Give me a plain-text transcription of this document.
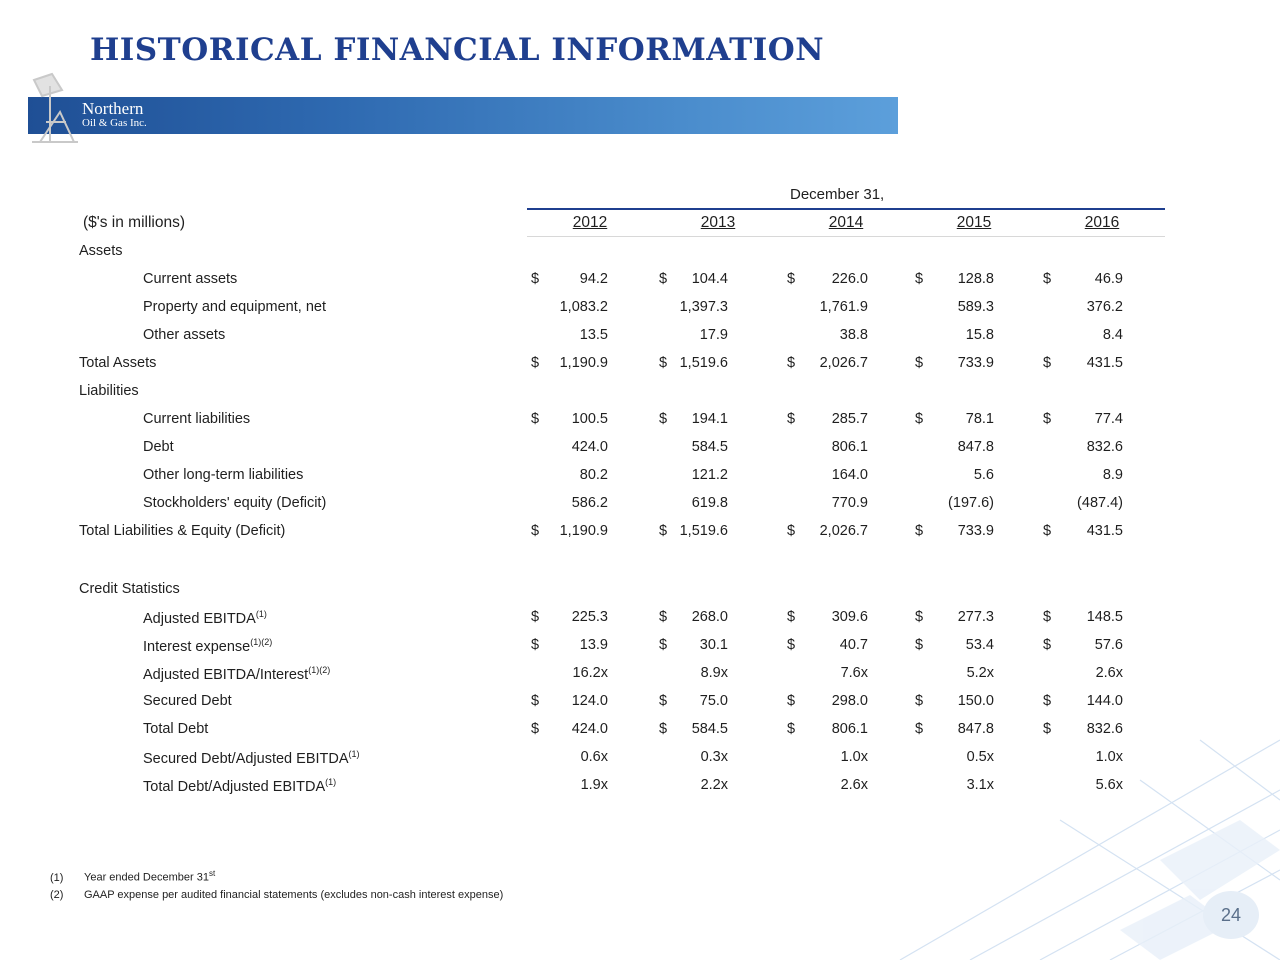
HISTORICAL FINANCIAL INFORMATION
Northern
Oil & Gas Inc.
December 31,
($'s in millions)	2012	2013	2014	2015	2016
Assets
Current assets	$	94.2	$	104.4	$	226.0	$	128.8	$	46.9
Property and equipment, net	1,083.2	1,397.3	1,761.9	589.3	376.2
Other assets	13.5	17.9	38.8	15.8	8.4
Total Assets	$	1,190.9	$ 1,519.6	$	2,026.7	$	733.9	$	431.5
Liabilities
Current liabilities	$	100.5	$	194.1	$	285.7	$	78.1	$	77.4
Debt	424.0	584.5	806.1	847.8	832.6
Other long-term liabilities	80.2	121.2	164.0	5.6	8.9
Stockholders' equity (Deficit)	586.2	619.8	770.9	(197.6)	(487.4)
Total Liabilities & Equity (Deficit)	$	1,190.9	$ 1,519.6	$	2,026.7	$	733.9	$	431.5
Credit Statistics
Adjusted EBITDA$^{(1)}$	$	225.3	$	268.0	$	309.6	$	277.3	$	148.5
Interest expense$^{(1)(2)}$	$	13.9	$	30.1	$	40.7	$	53.4	$	57.6
Adjusted EBITDA/Interest$^{(1)(2)}$	16.2x	8.9x	7.6x	5.2x	2.6x
Secured Debt	$	124.0	$	75.0	$	298.0	$	150.0	$	144.0
Total Debt	$	424.0	$	584.5	$	806.1	$	847.8	$	832.6
Secured Debt/Adjusted EBITDA$^{(1)}$	0.6x	0.3x	1.0x	0.5x	1.0x
Total Debt/Adjusted EBITDA$^{(1)}$	1.9x	2.2x	2.6x	3.1x	5.6x
(1) Year ended December 31st
(2) GAAP expense per audited financial statements (excludes non-cash interest expense)
24
